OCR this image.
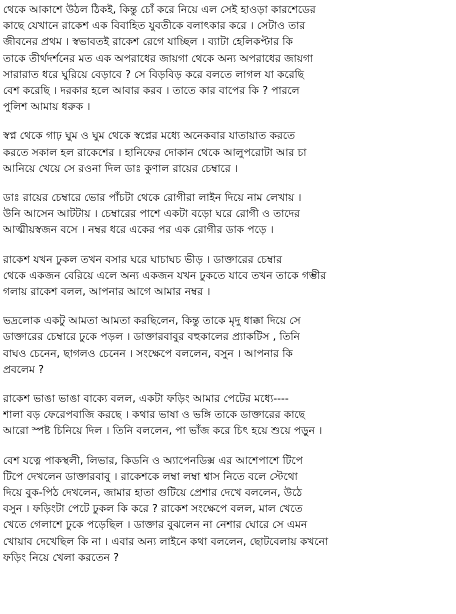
থেকে আকাশে উঠল ঠিকই, কিন্তু চোঁ করে নিয়ে এল সেই হাওড়া কারশেডের
কাছে যেখানে রাকেশ এক বিবাহিত যুবতীকে বলাৎকার করে । সেটাও তার
জীবনের প্রথম । স্বভাবতই রাকেশ রেগে যাচ্ছিল । ব্যাটা হেলিকপ্টার কি
তাকে তীর্থদর্শনের মত এক অপরাধের জায়গা থেকে অন্য অপরাধের জায়গা
সারারাত ধরে ঘুরিয়ে বেড়াবে ? সে বিড়বিড় করে বলতে লাগল যা করেছি
বেশ করেছি । দরকার হলে আবার করব । তাতে কার বাপের কি ? পারলে
পুলিশ আমায় ধরুক ।
স্বপ্ন থেকে গাঢ় ঘুম ও ঘুম থেকে স্বপ্নের মধ্যে অনেকবার যাতায়াত করতে
করতে সকাল হল রাকেশের । হানিফের দোকান থেকে আলুপরোটা আর চা
আনিয়ে খেয়ে সে রওনা দিল ডাঃ কুণাল রায়ের চেম্বারে ।
ডাঃ রায়ের চেম্বারে ভোর পাঁচটা থেকে রোগীরা লাইন দিয়ে নাম লেখায় ।
উনি আসেন আটটায় । চেম্বারের পাশে একটা বড়ো ঘরে রোগী ও তাদের
আত্মীয়স্বজন বসে । নম্বর ধরে একের পর এক রোগীর ডাক পড়ে ।
রাকেশ যখন ঢুকল তখন বসার ঘরে ঘাচাঘচ ভীড় । ডাক্তারের চেম্বার
থেকে একজন বেরিয়ে এলে অন্য একজন যখন ঢুকতে যাবে তখন তাকে গম্ভীর
গলায় রাকেশ বলল, আপনার আগে আমার নম্বর ।
ভদ্রলোক একটু আমতা আমতা করছিলেন, কিন্তু তাকে মৃদু ধাক্কা দিয়ে সে
ডাক্তারের চেম্বারে ঢুকে পড়ল । ডাক্তারবাবুর বহুকালের প্র্যাকটিস , তিনি
বাঘও চেনেন, ছাগলও চেনেন । সংক্ষেপে বললেন, বসুন । আপনার কি
প্রবলেম ?
রাকেশ ভাঙা ভাঙা বাক্যে বলল, একটা ফড়িং আমার পেটের মধ্যে----
শালা বড় ফেরেপবাজি করছে । কথার ভাষা ও ভঙ্গি তাকে ডাক্তারের কাছে
আরো স্পষ্ট চিনিয়ে দিল । তিনি বললেন, পা ভাঁজ করে চিৎ হয়ে শুয়ে পড়ুন ।
বেশ যত্নে পাকস্থলী, লিভার, কিডনি ও অ্যাপেনডিক্স এর আশেপাশে টিপে
টিপে দেখলেন ডাক্তারবাবু । রাকেশকে লম্বা লম্বা শ্বাস নিতে বলে স্টেথো
দিয়ে বুক-পিঠ দেখলেন, জামার হাতা গুটিয়ে প্রেশার দেখে বললেন, উঠে
বসুন । ফড়িংটা পেটে ঢুকল কি করে ? রাকেশ সংক্ষেপে বলল, মাল খেতে
খেতে গেলাশে ঢুকে পড়েছিল । ডাক্তার বুঝলেন না নেশার ঘোরে সে এমন
খোয়াব দেখেছিল কি না । এবার অন্য লাইনে কথা বললেন, ছোটবেলায় কখনো
ফড়িং নিয়ে খেলা করতেন ?
